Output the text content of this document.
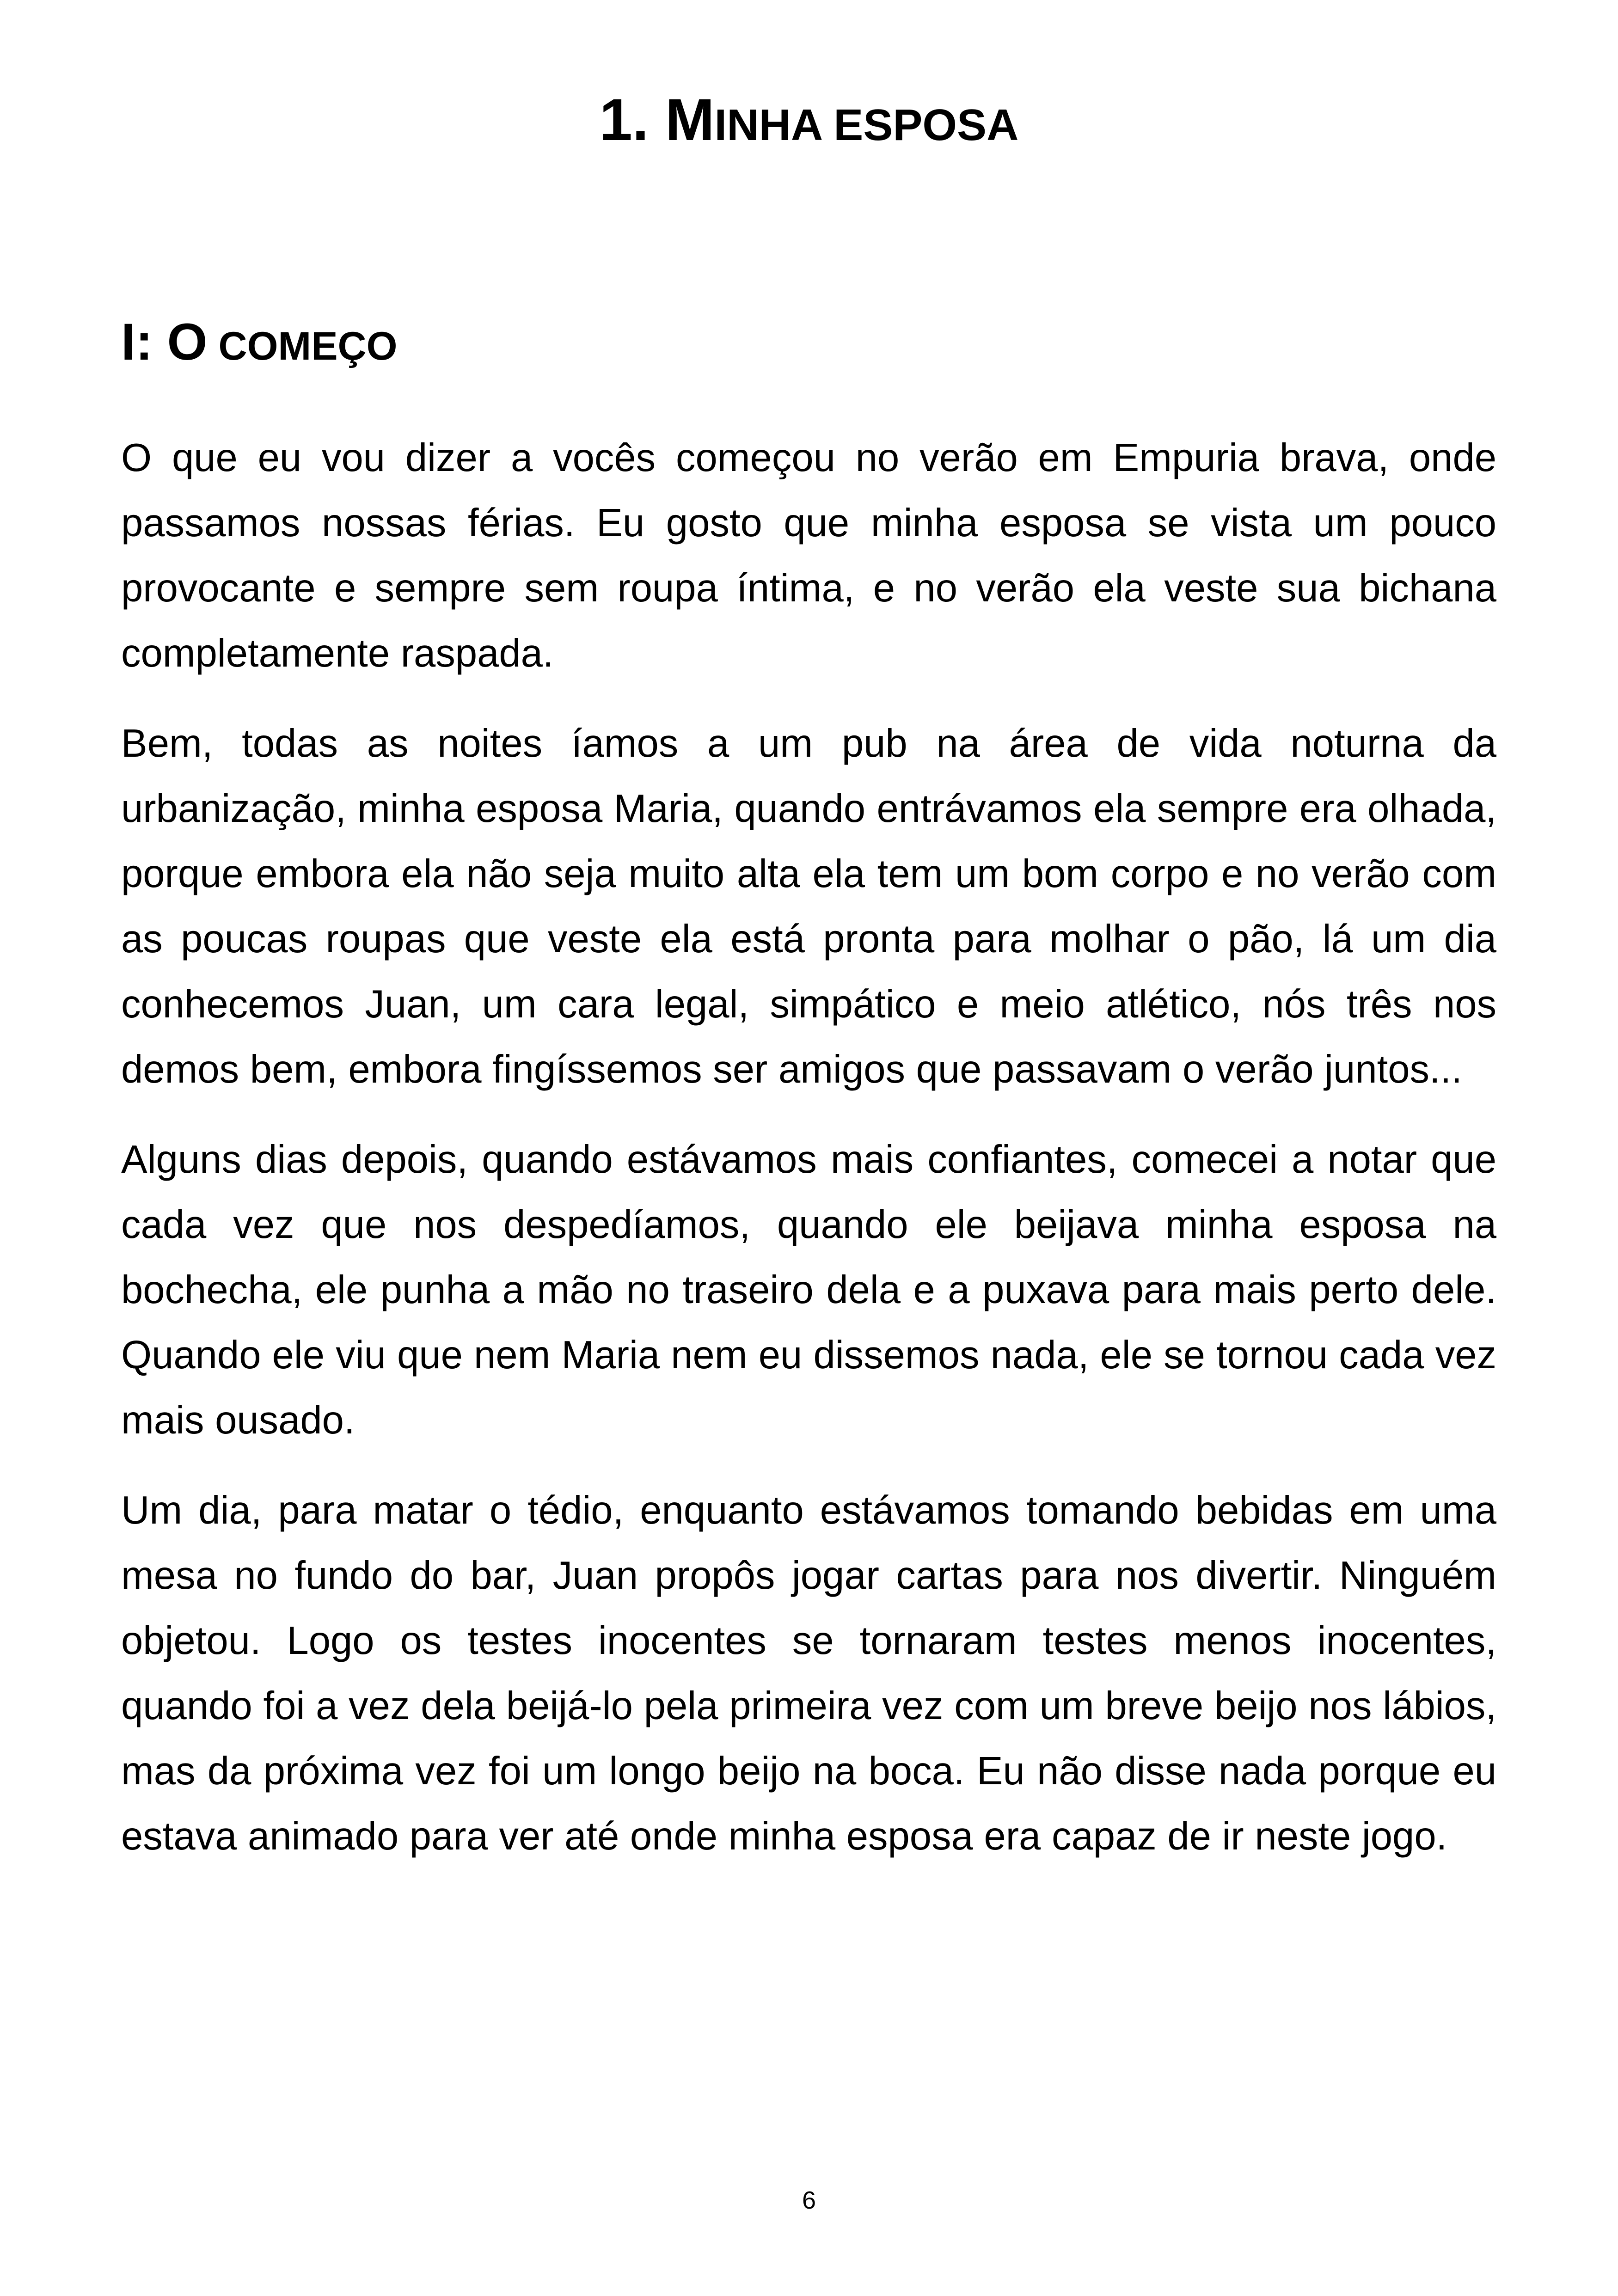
1. MINHA ESPOSA
I: O COMEÇO

O que eu vou dizer a vocês começou no verão em Empuria brava, onde passamos nossas férias. Eu gosto que minha esposa se vista um pouco provocante e sempre sem roupa íntima, e no verão ela veste sua bichana completamente raspada.

Bem, todas as noites íamos a um pub na área de vida noturna da urbanização, minha esposa Maria, quando entrávamos ela sempre era olhada, porque embora ela não seja muito alta ela tem um bom corpo e no verão com as poucas roupas que veste ela está pronta para molhar o pão, lá um dia conhecemos Juan, um cara legal, simpático e meio atlético, nós três nos demos bem, embora fingíssemos ser amigos que passavam o verão juntos...

Alguns dias depois, quando estávamos mais confiantes, comecei a notar que cada vez que nos despedíamos, quando ele beijava minha esposa na bochecha, ele punha a mão no traseiro dela e a puxava para mais perto dele. Quando ele viu que nem Maria nem eu dissemos nada, ele se tornou cada vez mais ousado.

Um dia, para matar o tédio, enquanto estávamos tomando bebidas em uma mesa no fundo do bar, Juan propôs jogar cartas para nos divertir. Ninguém objetou. Logo os testes inocentes se tornaram testes menos inocentes, quando foi a vez dela beijá-lo pela primeira vez com um breve beijo nos lábios, mas da próxima vez foi um longo beijo na boca. Eu não disse nada porque eu estava animado para ver até onde minha esposa era capaz de ir neste jogo.

6
